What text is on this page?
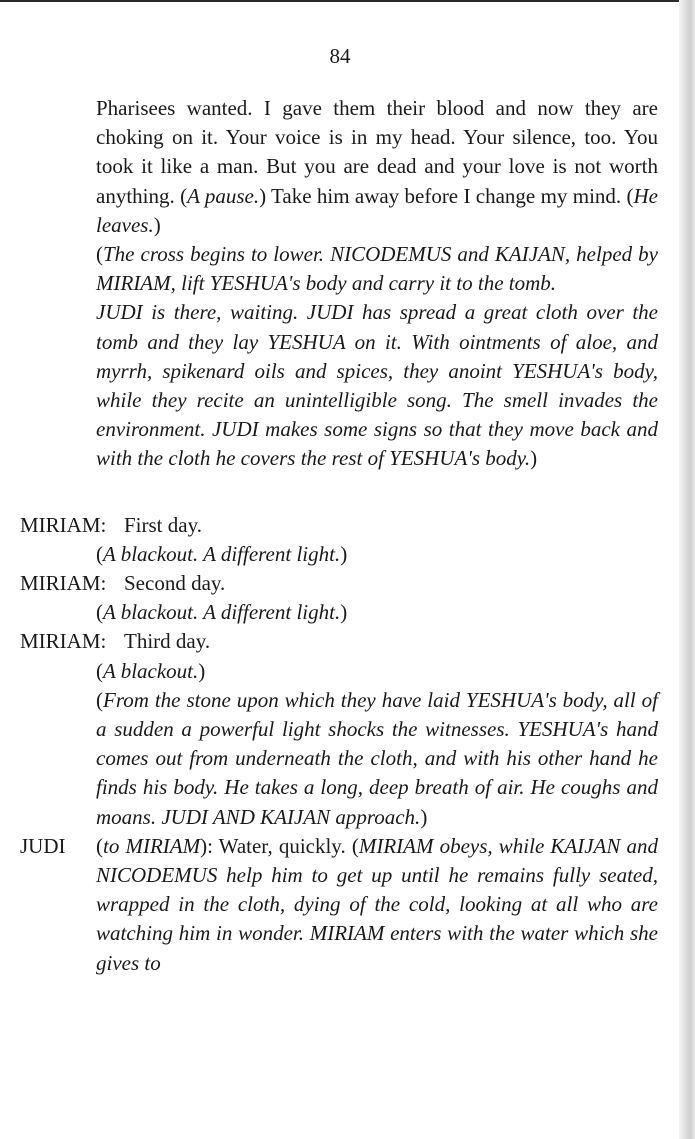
84

Pharisees wanted. I gave them their blood and now they are choking on it. Your voice is in my head. Your silence, too. You took it like a man. But you are dead and your love is not worth anything. (A pause.) Take him away before I change my mind. (He leaves.)

(The cross begins to lower. NICODEMUS and KAIJAN, helped by MIRIAM, lift YESHUA's body and carry it to the tomb.

JUDI is there, waiting. JUDI has spread a great cloth over the tomb and they lay YESHUA on it. With ointments of aloe, and myrrh, spikenard oils and spices, they anoint YESHUA's body, while they recite an unintelligible song. The smell invades the environment. JUDI makes some signs so that they move back and with the cloth he covers the rest of YESHUA's body.)

MIRIAM: First day.
(A blackout. A different light.)
MIRIAM: Second day.
(A blackout. A different light.)
MIRIAM: Third day.
(A blackout.)

(From the stone upon which they have laid YESHUA's body, all of a sudden a powerful light shocks the witnesses. YESHUA's hand comes out from underneath the cloth, and with his other hand he finds his body. He takes a long, deep breath of air. He coughs and moans. JUDI AND KAIJAN approach.)

JUDI	(to MIRIAM): Water, quickly. (MIRIAM obeys, while KAIJAN and NICODEMUS help him to get up until he remains fully seated, wrapped in the cloth, dying of the cold, looking at all who are watching him in wonder. MIRIAM enters with the water which she gives to
